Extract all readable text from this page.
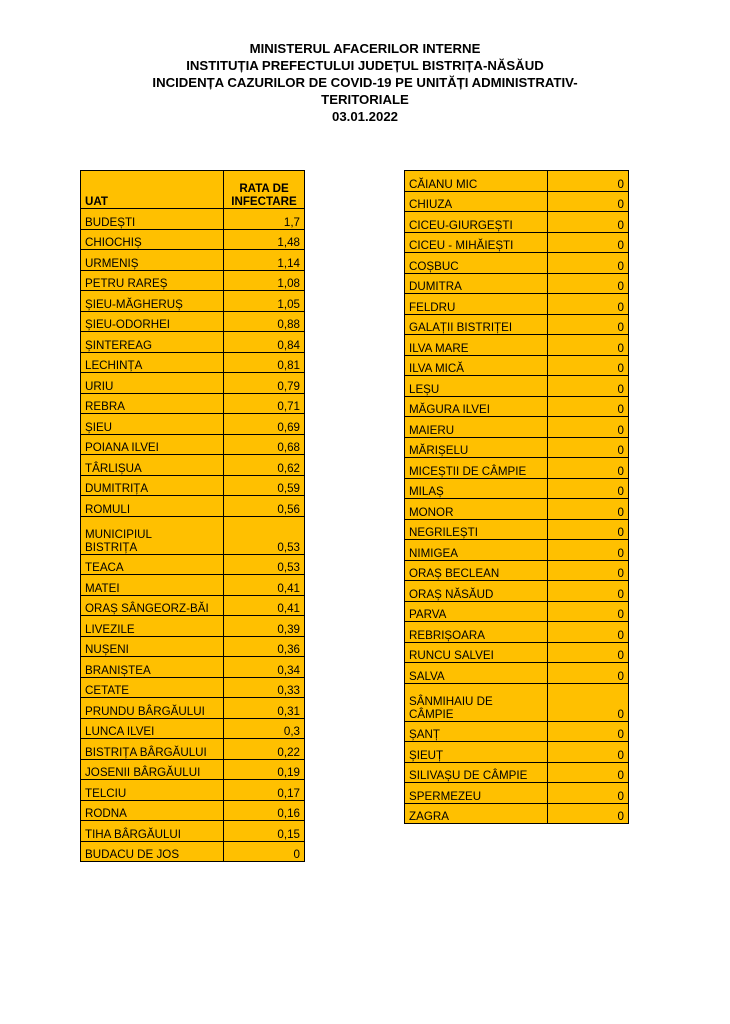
MINISTERUL AFACERILOR INTERNE
INSTITUȚIA PREFECTULUI JUDEȚUL BISTRIȚA-NĂSĂUD
INCIDENȚA CAZURILOR DE COVID-19 PE UNITĂȚI ADMINISTRATIV-
TERITORIALE
03.01.2022
UAT	RATA DE
INFECTARE
BUDEȘTI	1,7
CHIOCHIȘ	1,48
URMENIȘ	1,14
PETRU RAREȘ	1,08
ȘIEU-MĂGHERUȘ	1,05
ȘIEU-ODORHEI	0,88
ȘINTEREAG	0,84
LECHINȚA	0,81
URIU	0,79
REBRA	0,71
ȘIEU	0,69
POIANA ILVEI	0,68
TÂRLIȘUA	0,62
DUMITRIȚA	0,59
ROMULI	0,56

MUNICIPIUL
BISTRIȚA	0,53
TEACA	0,53
MATEI	0,41
ORAȘ SÂNGEORZ-BĂI	0,41
LIVEZILE	0,39
NUȘENI	0,36
BRANIȘTEA	0,34
CETATE	0,33
PRUNDU BÂRGĂULUI	0,31
LUNCA ILVEI	0,3
BISTRIȚA BÂRGĂULUI	0,22
JOSENII BÂRGĂULUI	0,19
TELCIU	0,17
RODNA	0,16
TIHA BÂRGĂULUI	0,15
BUDACU DE JOS	0
CĂIANU MIC	0
CHIUZA	0
CICEU-GIURGEȘTI	0
CICEU - MIHĂIEȘTI	0
COȘBUC	0
DUMITRA	0
FELDRU	0
GALAȚII BISTRIȚEI	0
ILVA MARE	0
ILVA MICĂ	0
LEȘU	0
MĂGURA ILVEI	0
MAIERU	0
MĂRIȘELU	0
MICEȘTII DE CÂMPIE	0
MILAȘ	0
MONOR	0
NEGRILEȘTI	0
NIMIGEA	0
ORAȘ BECLEAN	0
ORAȘ NĂSĂUD	0
PARVA	0
REBRIȘOARA	0
RUNCU SALVEI	0
SALVA	0

SÂNMIHAIU DE
CÂMPIE	0
ȘANȚ	0
ȘIEUȚ	0
SILIVAȘU DE CÂMPIE	0
SPERMEZEU	0
ZAGRA	0
